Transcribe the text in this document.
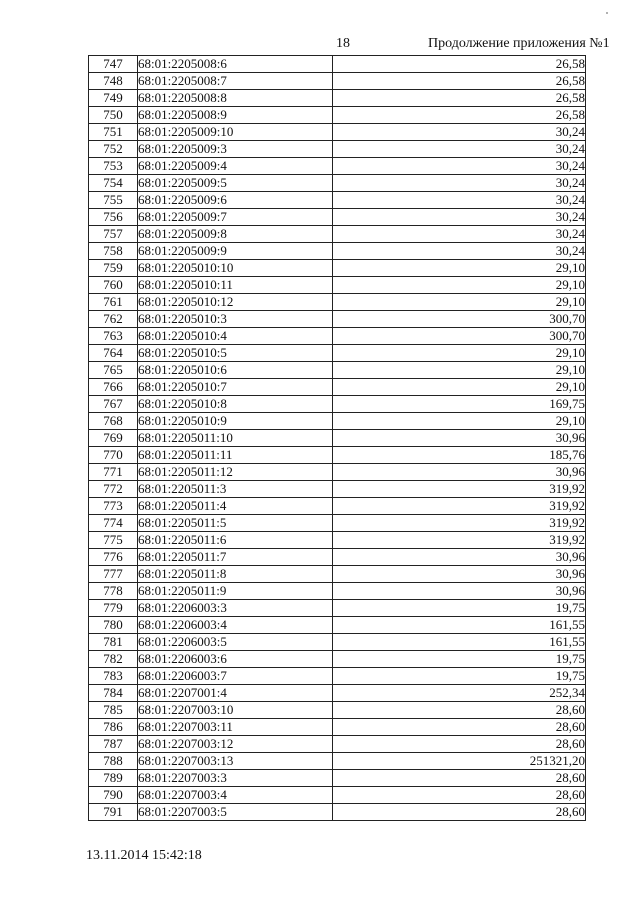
18	Продолжение приложения №1
747	68:01:2205008:6	26,58
748	68:01:2205008:7	26,58
749	68:01:2205008:8	26,58
750	68:01:2205008:9	26,58
751	68:01:2205009:10	30,24
752	68:01:2205009:3	30,24
753	68:01:2205009:4	30,24
754	68:01:2205009:5	30,24
755	68:01:2205009:6	30,24
756	68:01:2205009:7	30,24
757	68:01:2205009:8	30,24
758	68:01:2205009:9	30,24
759	68:01:2205010:10	29,10
760	68:01:2205010:11	29,10
761	68:01:2205010:12	29,10
762	68:01:2205010:3	300,70
763	68:01:2205010:4	300,70
764	68:01:2205010:5	29,10
765	68:01:2205010:6	29,10
766	68:01:2205010:7	29,10
767	68:01:2205010:8	169,75
768	68:01:2205010:9	29,10
769	68:01:2205011:10	30,96
770	68:01:2205011:11	185,76
771	68:01:2205011:12	30,96
772	68:01:2205011:3	319,92
773	68:01:2205011:4	319,92
774	68:01:2205011:5	319,92
775	68:01:2205011:6	319,92
776	68:01:2205011:7	30,96
777	68:01:2205011:8	30,96
778	68:01:2205011:9	30,96
779	68:01:2206003:3	19,75
780	68:01:2206003:4	161,55
781	68:01:2206003:5	161,55
782	68:01:2206003:6	19,75
783	68:01:2206003:7	19,75
784	68:01:2207001:4	252,34
785	68:01:2207003:10	28,60
786	68:01:2207003:11	28,60
787	68:01:2207003:12	28,60
788	68:01:2207003:13	251321,20
789	68:01:2207003:3	28,60
790	68:01:2207003:4	28,60
791	68:01:2207003:5	28,60
13.11.2014 15:42:18
